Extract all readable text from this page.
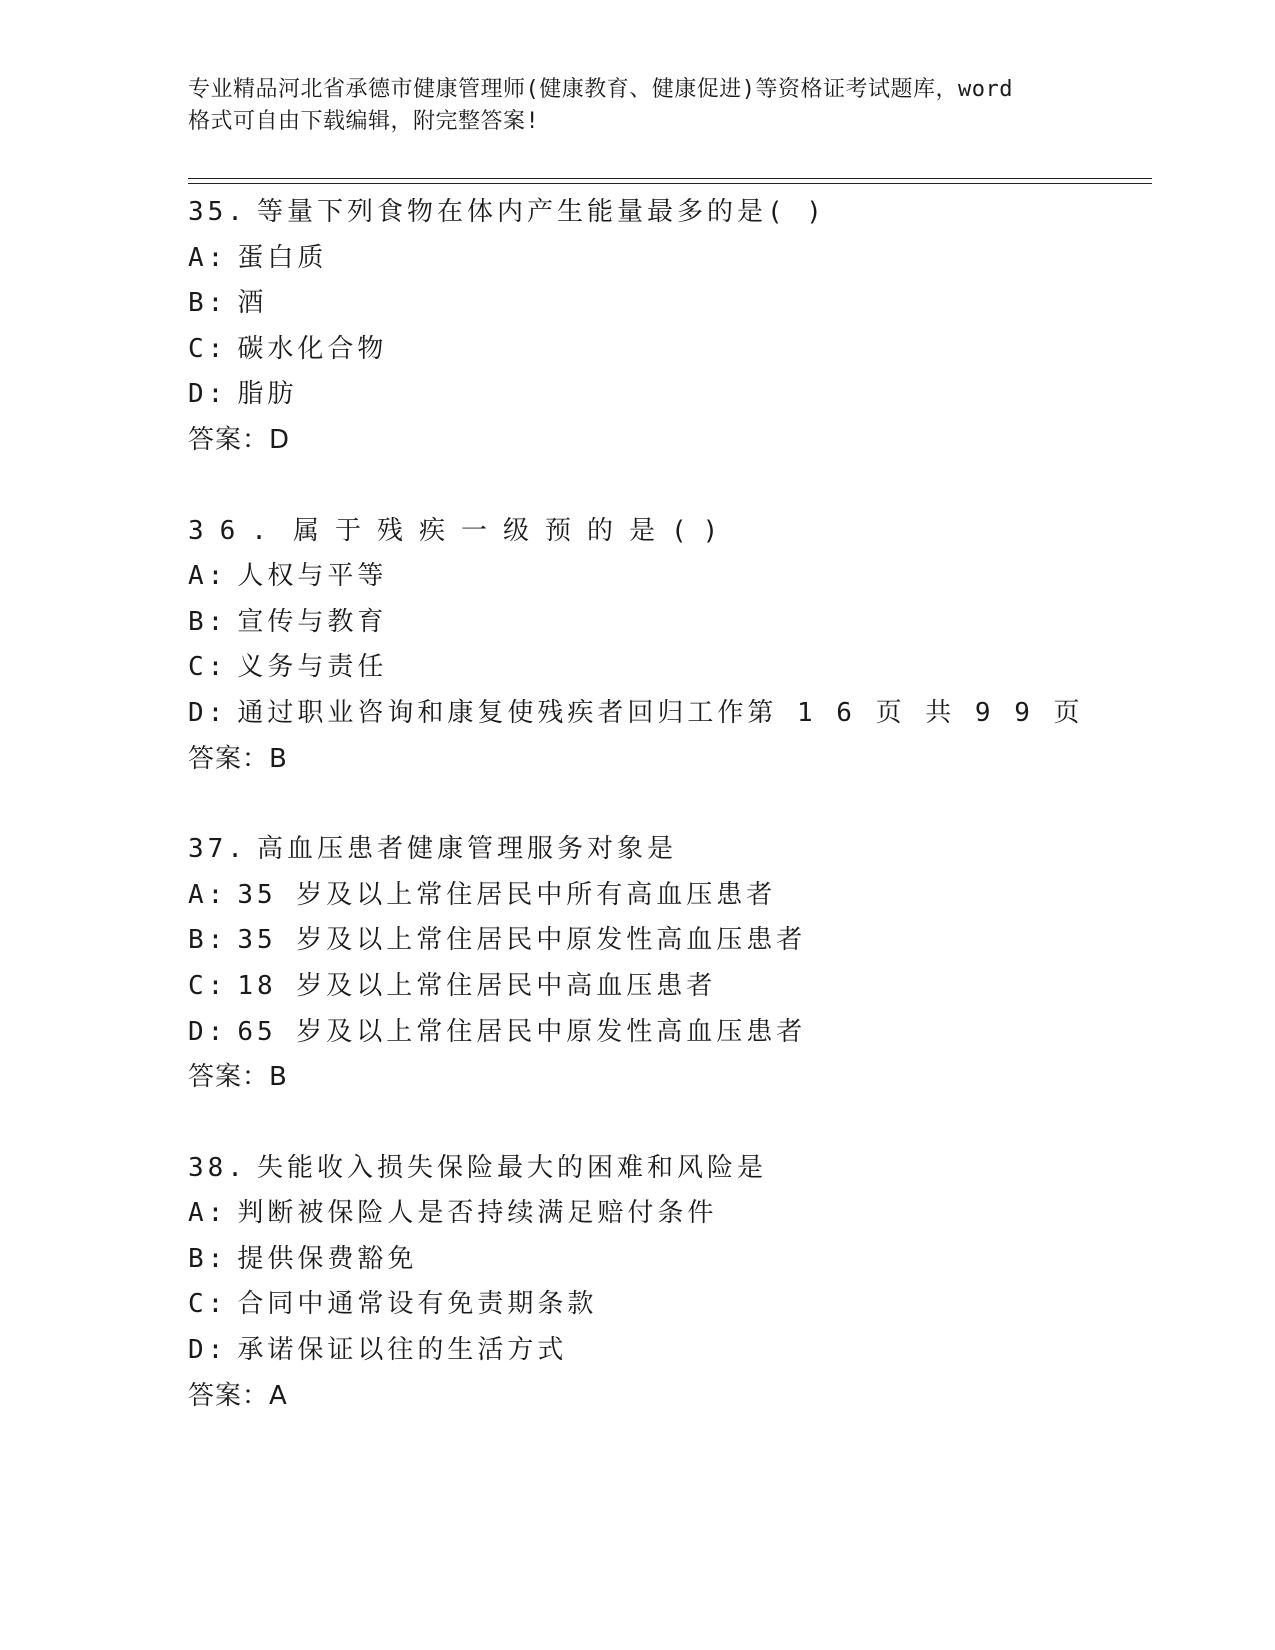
专业精品河北省承德市健康管理师(健康教育、健康促进)等资格证考试题库，word
格式可自由下载编辑，附完整答案!
35. 等量下列食物在体内产生能量最多的是( )
A: 蛋白质
B: 酒
C: 碳水化合物
D: 脂肪
答案：D
36. 属于残疾一级预的是()
A: 人权与平等
B: 宣传与教育
C: 义务与责任
D: 通过职业咨询和康复使残疾者回归工作第 1 6 页 共 9 9 页
答案：B
37. 高血压患者健康管理服务对象是
A: 35 岁及以上常住居民中所有高血压患者
B: 35 岁及以上常住居民中原发性高血压患者
C: 18 岁及以上常住居民中高血压患者
D: 65 岁及以上常住居民中原发性高血压患者
答案：B
38. 失能收入损失保险最大的困难和风险是
A: 判断被保险人是否持续满足赔付条件
B: 提供保费豁免
C: 合同中通常设有免责期条款
D: 承诺保证以往的生活方式
答案：A
